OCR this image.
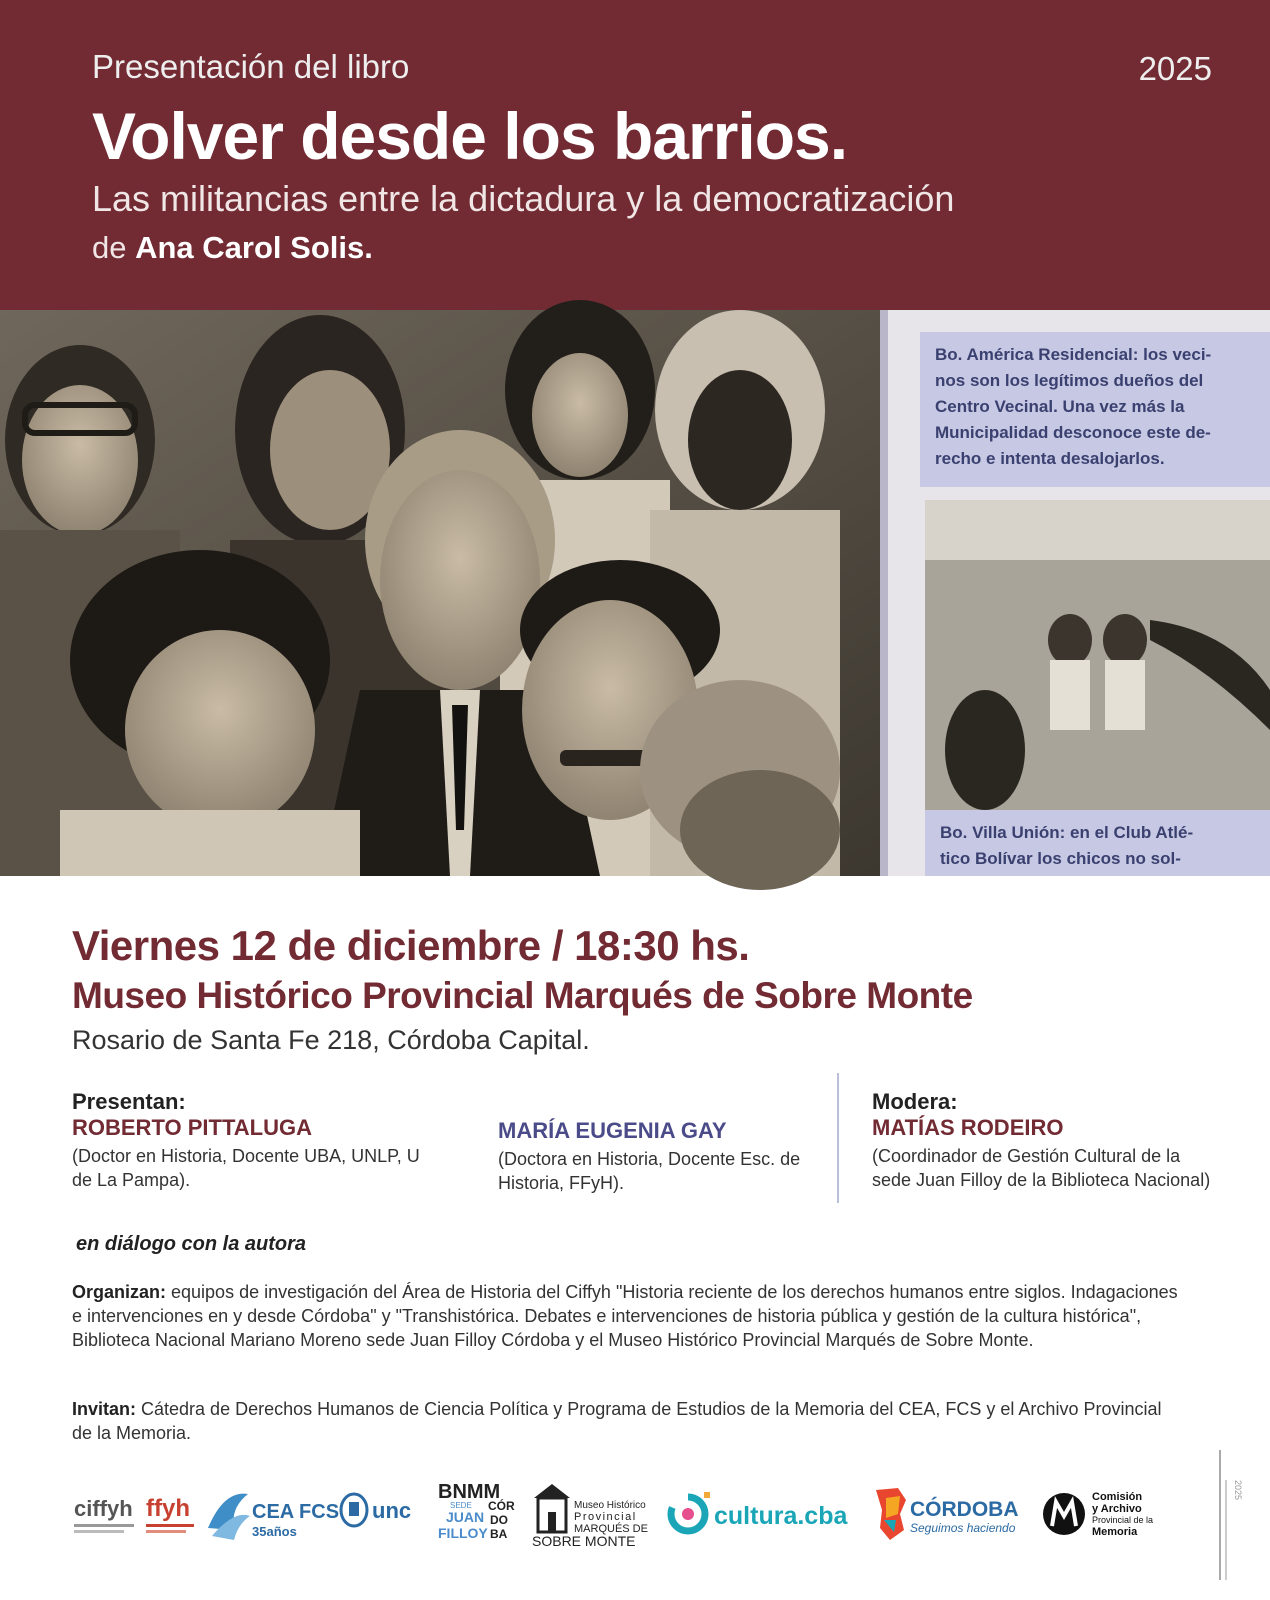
Presentación del libro	2025
Volver desde los barrios.
Las militancias entre la dictadura y la democratización
de Ana Carol Solis.
Bo. América Residencial: los veci-
nos son los legítimos dueños del
Centro Vecinal. Una vez más la
Municipalidad desconoce este de-
recho e intenta desalojarlos.
Bo. Villa Unión: en el Club Atlé-
tico Bolívar los chicos no sol-
Viernes 12 de diciembre / 18:30 hs.
Museo Histórico Provincial Marqués de Sobre Monte
Rosario de Santa Fe 218, Córdoba Capital.
Presentan:
ROBERTO PITTALUGA
(Doctor en Historia, Docente UBA, UNLP, U de La Pampa).
MARÍA EUGENIA GAY
(Doctora en Historia, Docente Esc. de Historia, FFyH).
Modera:
MATÍAS RODEIRO
(Coordinador de Gestión Cultural de la sede Juan Filloy de la Biblioteca Nacional)
en diálogo con la autora
Organizan: equipos de investigación del Área de Historia del Ciffyh "Historia reciente de los derechos humanos entre siglos. Indagaciones e intervenciones en y desde Córdoba" y "Transhistórica. Debates e intervenciones de historia pública y gestión de la cultura histórica", Biblioteca Nacional Mariano Moreno sede Juan Filloy Córdoba y el Museo Histórico Provincial Marqués de Sobre Monte.
Invitan: Cátedra de Derechos Humanos de Ciencia Política y Programa de Estudios de la Memoria del CEA, FCS y el Archivo Provincial de la Memoria.
ciffyh ffyh	CEA FCS
35años
unc
BNMM
SEDE
JUAN
FILLOY
CÓR
DO
BA
Museo Histórico
Provincial
MARQUÉS DE
SOBRE MONTE
cultura.cba	CÓRDOBA
Seguimos haciendo
Comisión
y Archivo
Provincial de la
Memoria
2025
